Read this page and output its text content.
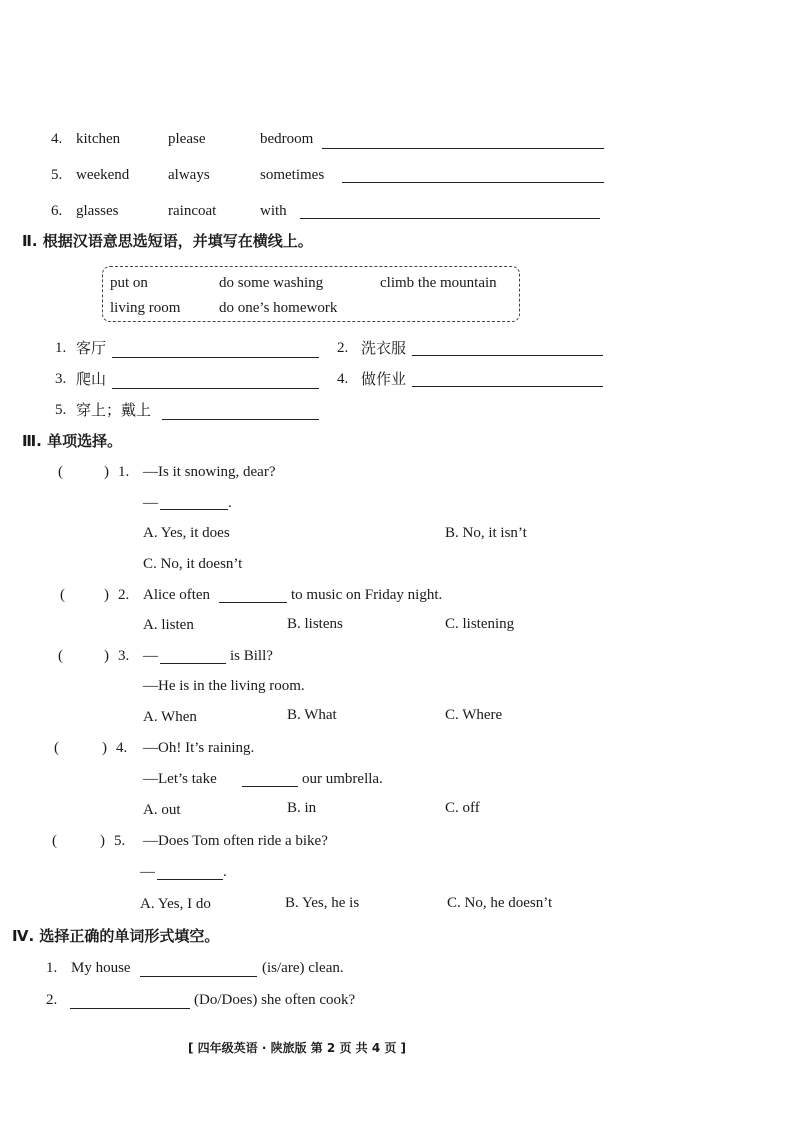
4. kitchen	please	bedroom
5. weekend	always	sometimes
6. glasses	raincoat	with
Ⅱ. 根据汉语意思选短语，并填写在横线上。
put on	do some washing	climb the mountain
living room	do one’s homework
1. 客厅	2. 洗衣服
3. 爬山	4. 做作业
5. 穿上；戴上
Ⅲ. 单项选择。
(	) 1. —Is it snowing, dear?
—	.
A. Yes, it does	B. No, it isn’t
C. No, it doesn’t
(	) 2. Alice often	to music on Friday night.
A. listen	B. listens	C. listening
(	) 3. —	is Bill?
—He is in the living room.
A. When	B. What	C. Where
(	) 4. —Oh! It’s raining.
—Let’s take	our umbrella.
A. out	B. in	C. off
(	) 5. —Does Tom often ride a bike?
—	.
A. Yes, I do	B. Yes, he is	C. No, he doesn’t
Ⅳ. 选择正确的单词形式填空。
1. My house	(is/are) clean.
2.	(Do/Does) she often cook?
[ 四年级英语 · 陕旅版 第 2 页 共 4 页 ]
